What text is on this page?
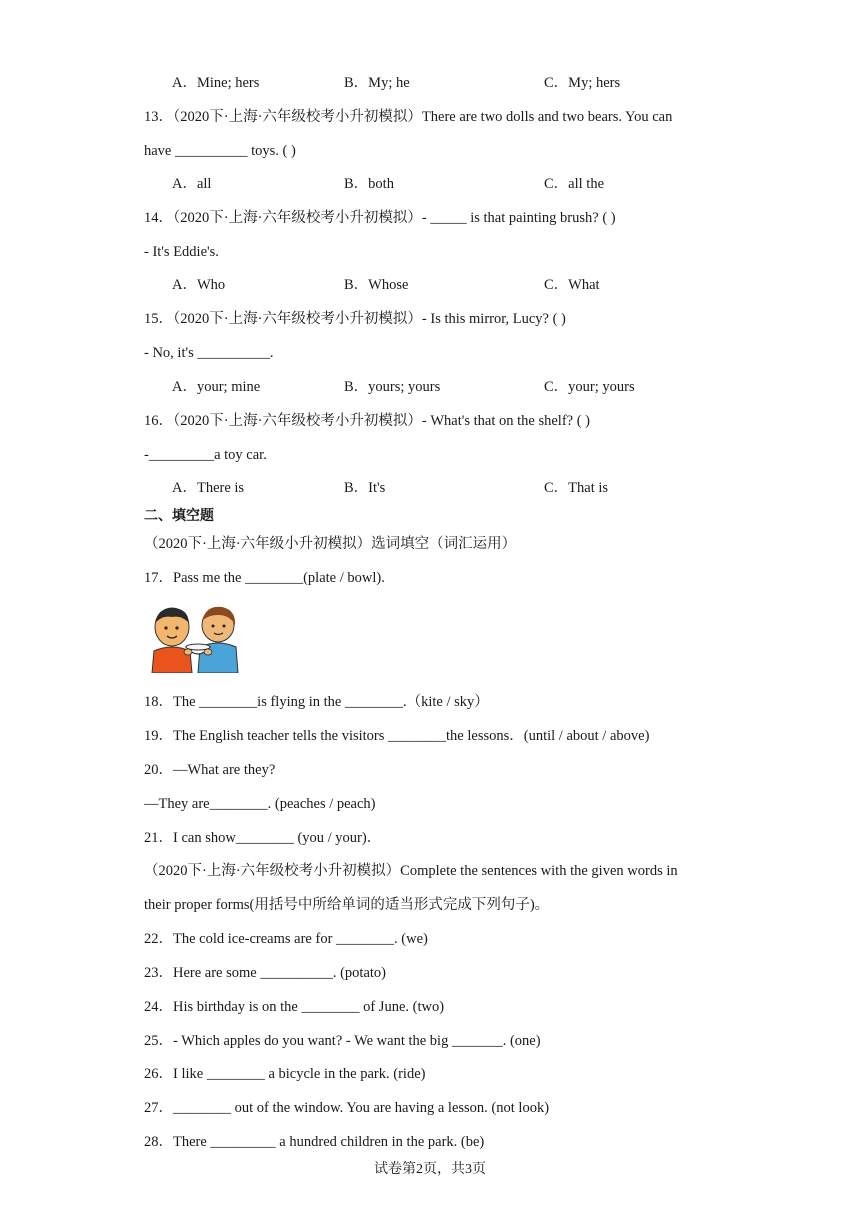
A．Mine; hers	B．My; he	C．My; hers
13．（2020下·上海·六年级校考小升初模拟）There are two dolls and two bears. You can
have __________ toys. ( )
A．all	B．both	C．all the
14．（2020下·上海·六年级校考小升初模拟）- _____ is that painting brush? ( )
- It's Eddie's.
A．Who	B．Whose	C．What
15．（2020下·上海·六年级校考小升初模拟）- Is this mirror, Lucy? ( )
- No, it's __________.
A．your; mine	B．yours; yours	C．your; yours
16．（2020下·上海·六年级校考小升初模拟）- What's that on the shelf? ( )
-_________a toy car.
A．There is	B．It's	C．That is
二、填空题
（2020下·上海·六年级小升初模拟）选词填空（词汇运用）
17．Pass me the ________(plate / bowl).
18．The ________is flying in the ________.（kite / sky）
19．The English teacher tells the visitors ________the lessons．(until / about / above)
20．—What are they?
—They are________. (peaches / peach)
21．I can show________ (you / your)．
（2020下·上海·六年级校考小升初模拟）Complete the sentences with the given words in
their proper forms(用括号中所给单词的适当形式完成下列句子)。
22．The cold ice-creams are for ________. (we)
23．Here are some __________. (potato)
24．His birthday is on the ________ of June. (two)
25．- Which apples do you want? - We want the big _______. (one)
26．I like ________ a bicycle in the park. (ride)
27．________ out of the window. You are having a lesson. (not look)
28．There _________ a hundred children in the park. (be)
试卷第2页，共3页
